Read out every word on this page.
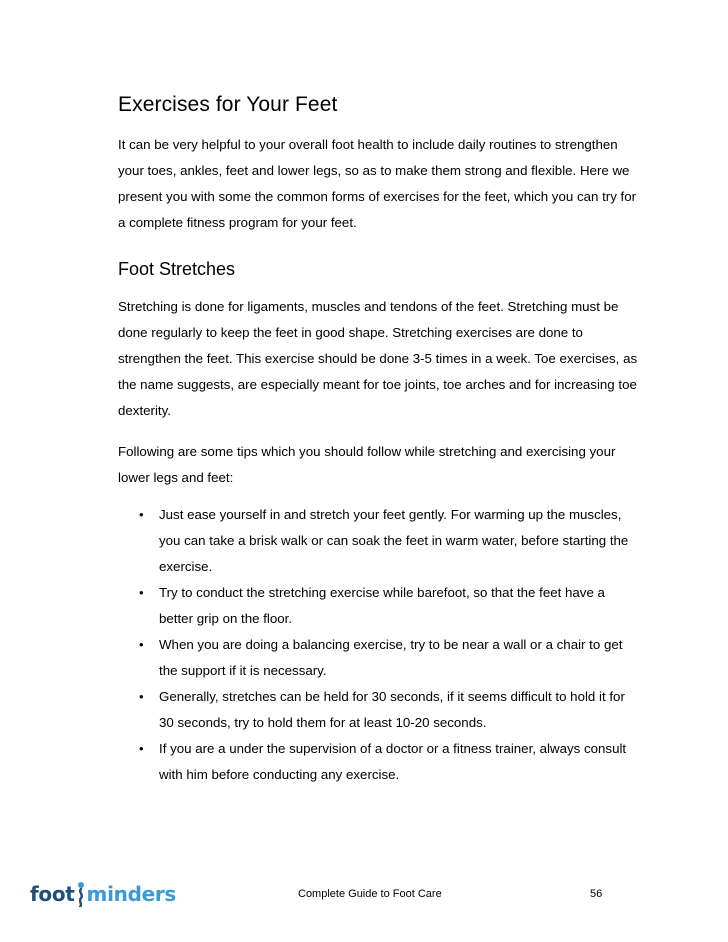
Exercises for Your Feet

It can be very helpful to your overall foot health to include daily routines to strengthen your toes, ankles, feet and lower legs, so as to make them strong and flexible. Here we present you with some the common forms of exercises for the feet, which you can try for a complete fitness program for your feet.

Foot Stretches

Stretching is done for ligaments, muscles and tendons of the feet. Stretching must be done regularly to keep the feet in good shape. Stretching exercises are done to strengthen the feet. This exercise should be done 3-5 times in a week. Toe exercises, as the name suggests, are especially meant for toe joints, toe arches and for increasing toe dexterity.

Following are some tips which you should follow while stretching and exercising your lower legs and feet:

• Just ease yourself in and stretch your feet gently. For warming up the muscles, you can take a brisk walk or can soak the feet in warm water, before starting the exercise.
• Try to conduct the stretching exercise while barefoot, so that the feet have a better grip on the floor.
• When you are doing a balancing exercise, try to be near a wall or a chair to get the support if it is necessary.
• Generally, stretches can be held for 30 seconds, if it seems difficult to hold it for 30 seconds, try to hold them for at least 10-20 seconds.
• If you are a under the supervision of a doctor or a fitness trainer, always consult with him before conducting any exercise.
foot minders	Complete Guide to Foot Care	56
